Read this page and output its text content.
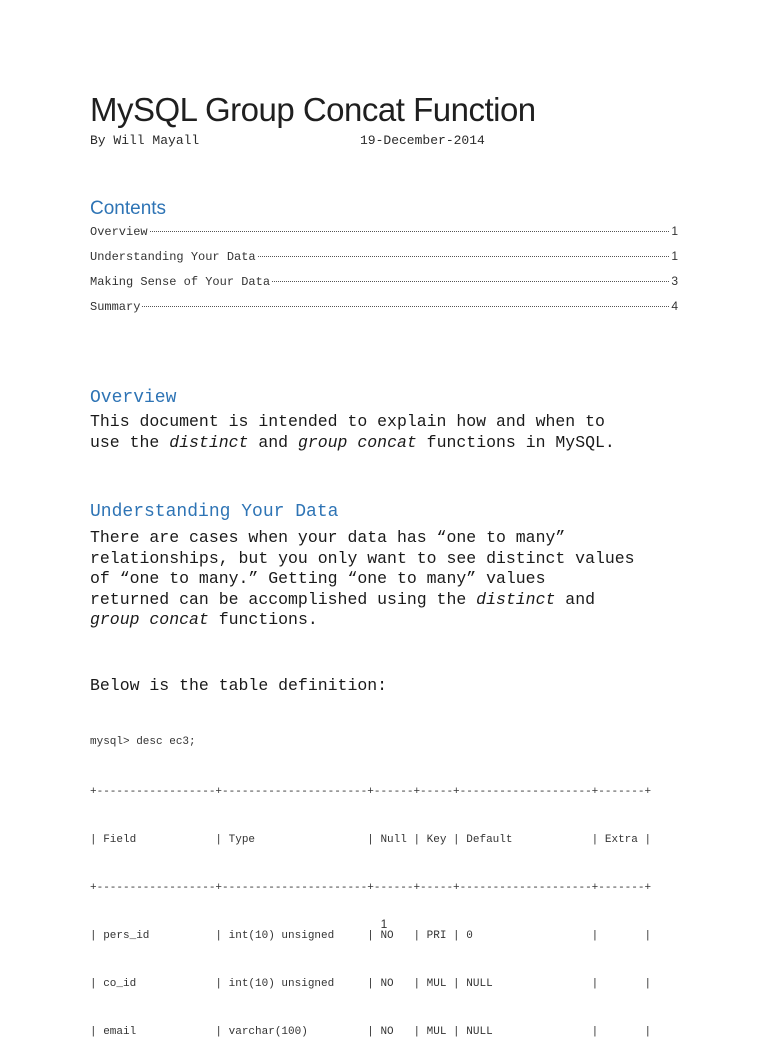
MySQL Group Concat Function
By Will Mayall	19-December-2014
Contents
Overview	1
Understanding Your Data	1
Making Sense of Your Data	3
Summary	4
Overview
This document is intended to explain how and when to
use the distinct and group concat functions in MySQL.
Understanding Your Data
There are cases when your data has “one to many”
relationships, but you only want to see distinct values
of “one to many.” Getting “one to many” values
returned can be accomplished using the distinct and
group concat functions.
Below is the table definition:
mysql> desc ec3;

+------------------+----------------------+------+-----+--------------------+-------+

| Field            | Type                 | Null | Key | Default            | Extra |

+------------------+----------------------+------+-----+--------------------+-------+

| pers_id          | int(10) unsigned     | NO   | PRI | 0                  |       |

| co_id            | int(10) unsigned     | NO   | MUL | NULL               |       |

| email            | varchar(100)         | NO   | MUL | NULL               |       |

1
